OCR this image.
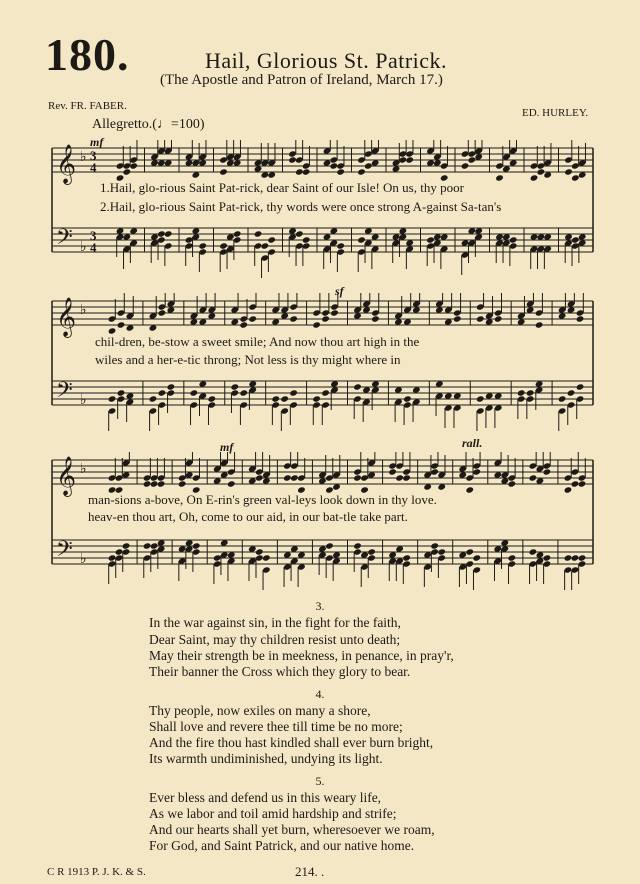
180.	Hail, Glorious St. Patrick.
(The Apostle and Patron of Ireland, March 17.)
Rev. FR. FABER.
ED. HURLEY.
Allegretto.(♩=100)
mf
sf
mf	rall.
𝄞 ♭ 3
4
𝄢 ♭
3
4
1.Hail, glo-rious Saint Pat-rick, dear Saint of our Isle! On us, thy poor
2.Hail, glo-rious Saint Pat-rick, thy words were once strong A-gainst Sa-tan's
𝄞 ♭
𝄢 ♭
chil-dren, be-stow a sweet smile; And now thou art high in the
wiles and a her-e-tic throng; Not less is thy might where in
𝄞 ♭
𝄢 ♭
man-sions a-bove, On E-rin's green val-leys look down in thy love.
heav-en thou art, Oh, come to our aid, in our bat-tle take part.
3.
In the war against sin, in the fight for the faith,
Dear Saint, may thy children resist unto death;
May their strength be in meekness, in penance, in pray'r,
Their banner the Cross which they glory to bear.
4.
Thy people, now exiles on many a shore,
Shall love and revere thee till time be no more;
And the fire thou hast kindled shall ever burn bright,
Its warmth undiminished, undying its light.
5.
Ever bless and defend us in this weary life,
As we labor and toil amid hardship and strife;
And our hearts shall yet burn, wheresoever we roam,
For God, and Saint Patrick, and our native home.
C R 1913 P. J. K. & S.	214. .
